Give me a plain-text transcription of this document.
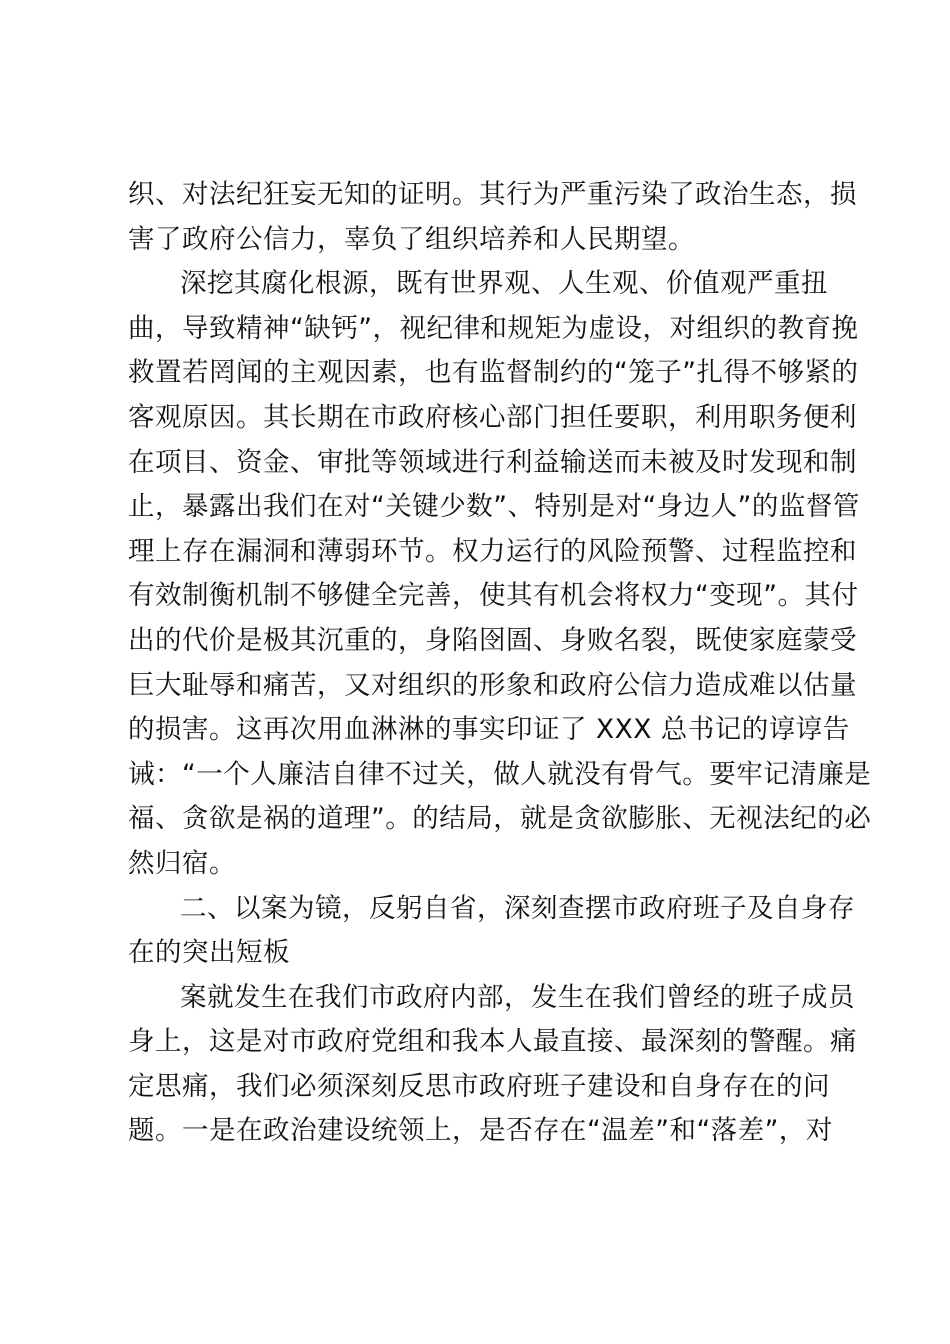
织、对法纪狂妄无知的证明。其行为严重污染了政治生态，损
害了政府公信力，辜负了组织培养和人民期望。
深挖其腐化根源，既有世界观、人生观、价值观严重扭
曲，导致精神“缺钙”，视纪律和规矩为虚设，对组织的教育挽
救置若罔闻的主观因素，也有监督制约的“笼子”扎得不够紧的
客观原因。其长期在市政府核心部门担任要职，利用职务便利
在项目、资金、审批等领域进行利益输送而未被及时发现和制
止，暴露出我们在对“关键少数”、特别是对“身边人”的监督管
理上存在漏洞和薄弱环节。权力运行的风险预警、过程监控和
有效制衡机制不够健全完善，使其有机会将权力“变现”。其付
出的代价是极其沉重的，身陷囹圄、身败名裂，既使家庭蒙受
巨大耻辱和痛苦，又对组织的形象和政府公信力造成难以估量
的损害。这再次用血淋淋的事实印证了 XXX 总书记的谆谆告
诫：“一个人廉洁自律不过关，做人就没有骨气。要牢记清廉是
福、贪欲是祸的道理”。的结局，就是贪欲膨胀、无视法纪的必
然归宿。
二、以案为镜，反躬自省，深刻查摆市政府班子及自身存
在的突出短板
案就发生在我们市政府内部，发生在我们曾经的班子成员
身上，这是对市政府党组和我本人最直接、最深刻的警醒。痛
定思痛，我们必须深刻反思市政府班子建设和自身存在的问
题。一是在政治建设统领上，是否存在“温差”和“落差”，对
